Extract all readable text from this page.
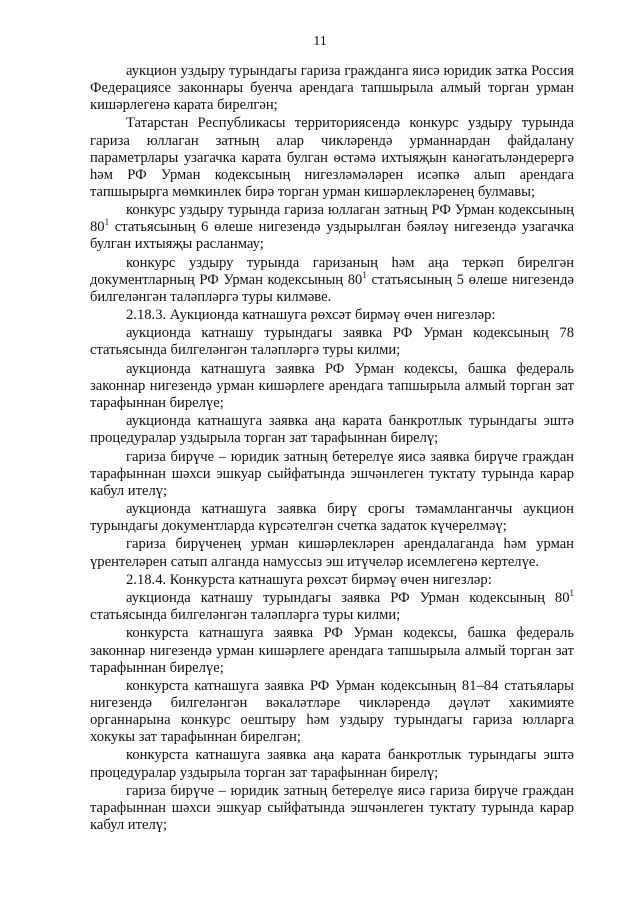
11

аукцион уздыру турындагы гариза гражданга яисә юридик затка Россия Федерациясе законнары буенча арендага тапшырыла алмый торган урман кишәрлегенә карата бирелгән;

Татарстан Республикасы территориясендә конкурс уздыру турында гариза юллаган затның алар чикләрендә урманнардан файдалану параметрлары узагачка карата булган өстәмә ихтыяҗын канәгатьләндерергә һәм РФ Урман кодексының нигезләмәләрен исәпкә алып арендага тапшырырга мөмкинлек бирә торган урман кишәрлекләренең булмавы;

конкурс уздыру турында гариза юллаган затның РФ Урман кодексының $80^1$ статьясының 6 өлеше нигезендә уздырылган бәяләү нигезендә узагачка булган ихтыяҗы расланмау;

конкурс уздыру турында гаризаның һәм аңа теркәп бирелгән документларның РФ Урман кодексының $80^1$ статьясының 5 өлеше нигезендә билгеләнгән таләпләргә туры килмәве.

2.18.3. Аукционда катнашуга рөхсәт бирмәү өчен нигезләр:

аукционда катнашу турындагы заявка РФ Урман кодексының 78 статьясында билгеләнгән таләпләргә туры килми;

аукционда катнашуга заявка РФ Урман кодексы, башка федераль законнар нигезендә урман кишәрлеге арендага тапшырыла алмый торган зат тарафыннан бирелүе;

аукционда катнашуга заявка аңа карата банкротлык турындагы эштә процедуралар уздырыла торган зат тарафыннан бирелү;

гариза бирүче – юридик затның бетерелүе яисә заявка бирүче граждан тарафыннан шәхси эшкуар сыйфатында эшчәнлеген туктату турында карар кабул ителү;

аукционда катнашуга заявка бирү срогы тәмамланганчы аукцион турындагы документларда күрсәтелгән счетка задаток күчерелмәү;

гариза бирүченең урман кишәрлекләрен арендалаганда һәм урман үрентеләрен сатып алганда намуссыз эш итүчеләр исемлегенә кертелүе.

2.18.4. Конкурста катнашуга рөхсәт бирмәү өчен нигезләр:

аукционда катнашу турындагы заявка РФ Урман кодексының $80^1$ статьясында билгеләнгән таләпләргә туры килми;

конкурста катнашуга заявка РФ Урман кодексы, башка федераль законнар нигезендә урман кишәрлеге арендага тапшырыла алмый торган зат тарафыннан бирелүе;

конкурста катнашуга заявка РФ Урман кодексының 81–84 статьялары нигезендә билгеләнгән вәкаләтләре чикләрендә дәүләт хакимияте органнарына конкурс оештыру һәм уздыру турындагы гариза юлларга хокукы зат тарафыннан бирелгән;

конкурста катнашуга заявка аңа карата банкротлык турындагы эштә процедуралар уздырыла торган зат тарафыннан бирелү;

гариза бирүче – юридик затның бетерелүе яисә гариза бирүче граждан тарафыннан шәхси эшкуар сыйфатында эшчәнлеген туктату турында карар кабул ителү;
